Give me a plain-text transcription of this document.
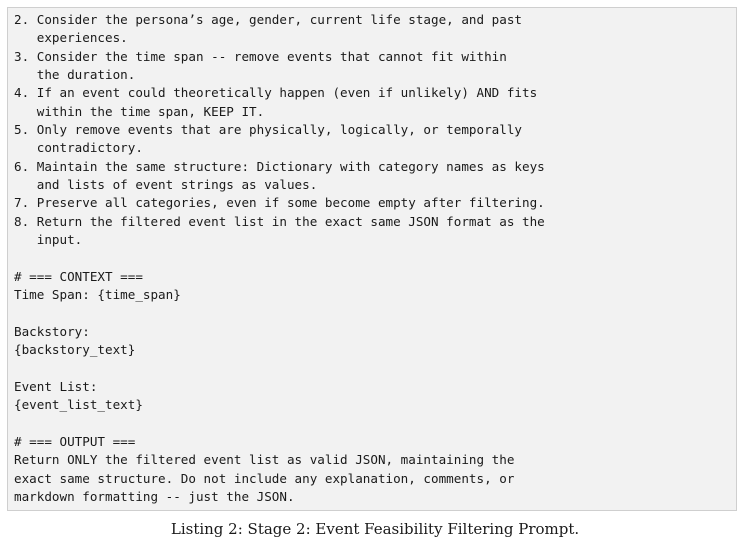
2. Consider the persona’s age, gender, current life stage, and past
experiences.
3. Consider the time span -- remove events that cannot fit within
the duration.
4. If an event could theoretically happen (even if unlikely) AND fits
within the time span, KEEP IT.
5. Only remove events that are physically, logically, or temporally
contradictory.
6. Maintain the same structure: Dictionary with category names as keys
and lists of event strings as values.
7. Preserve all categories, even if some become empty after filtering.
8. Return the filtered event list in the exact same JSON format as the
input.
# === CONTEXT ===
Time Span: {time_span}
Backstory:
{backstory_text}
Event List:
{event_list_text}
# === OUTPUT ===
Return ONLY the filtered event list as valid JSON, maintaining the
exact same structure. Do not include any explanation, comments, or
markdown formatting -- just the JSON.
Listing 2: Stage 2: Event Feasibility Filtering Prompt.
